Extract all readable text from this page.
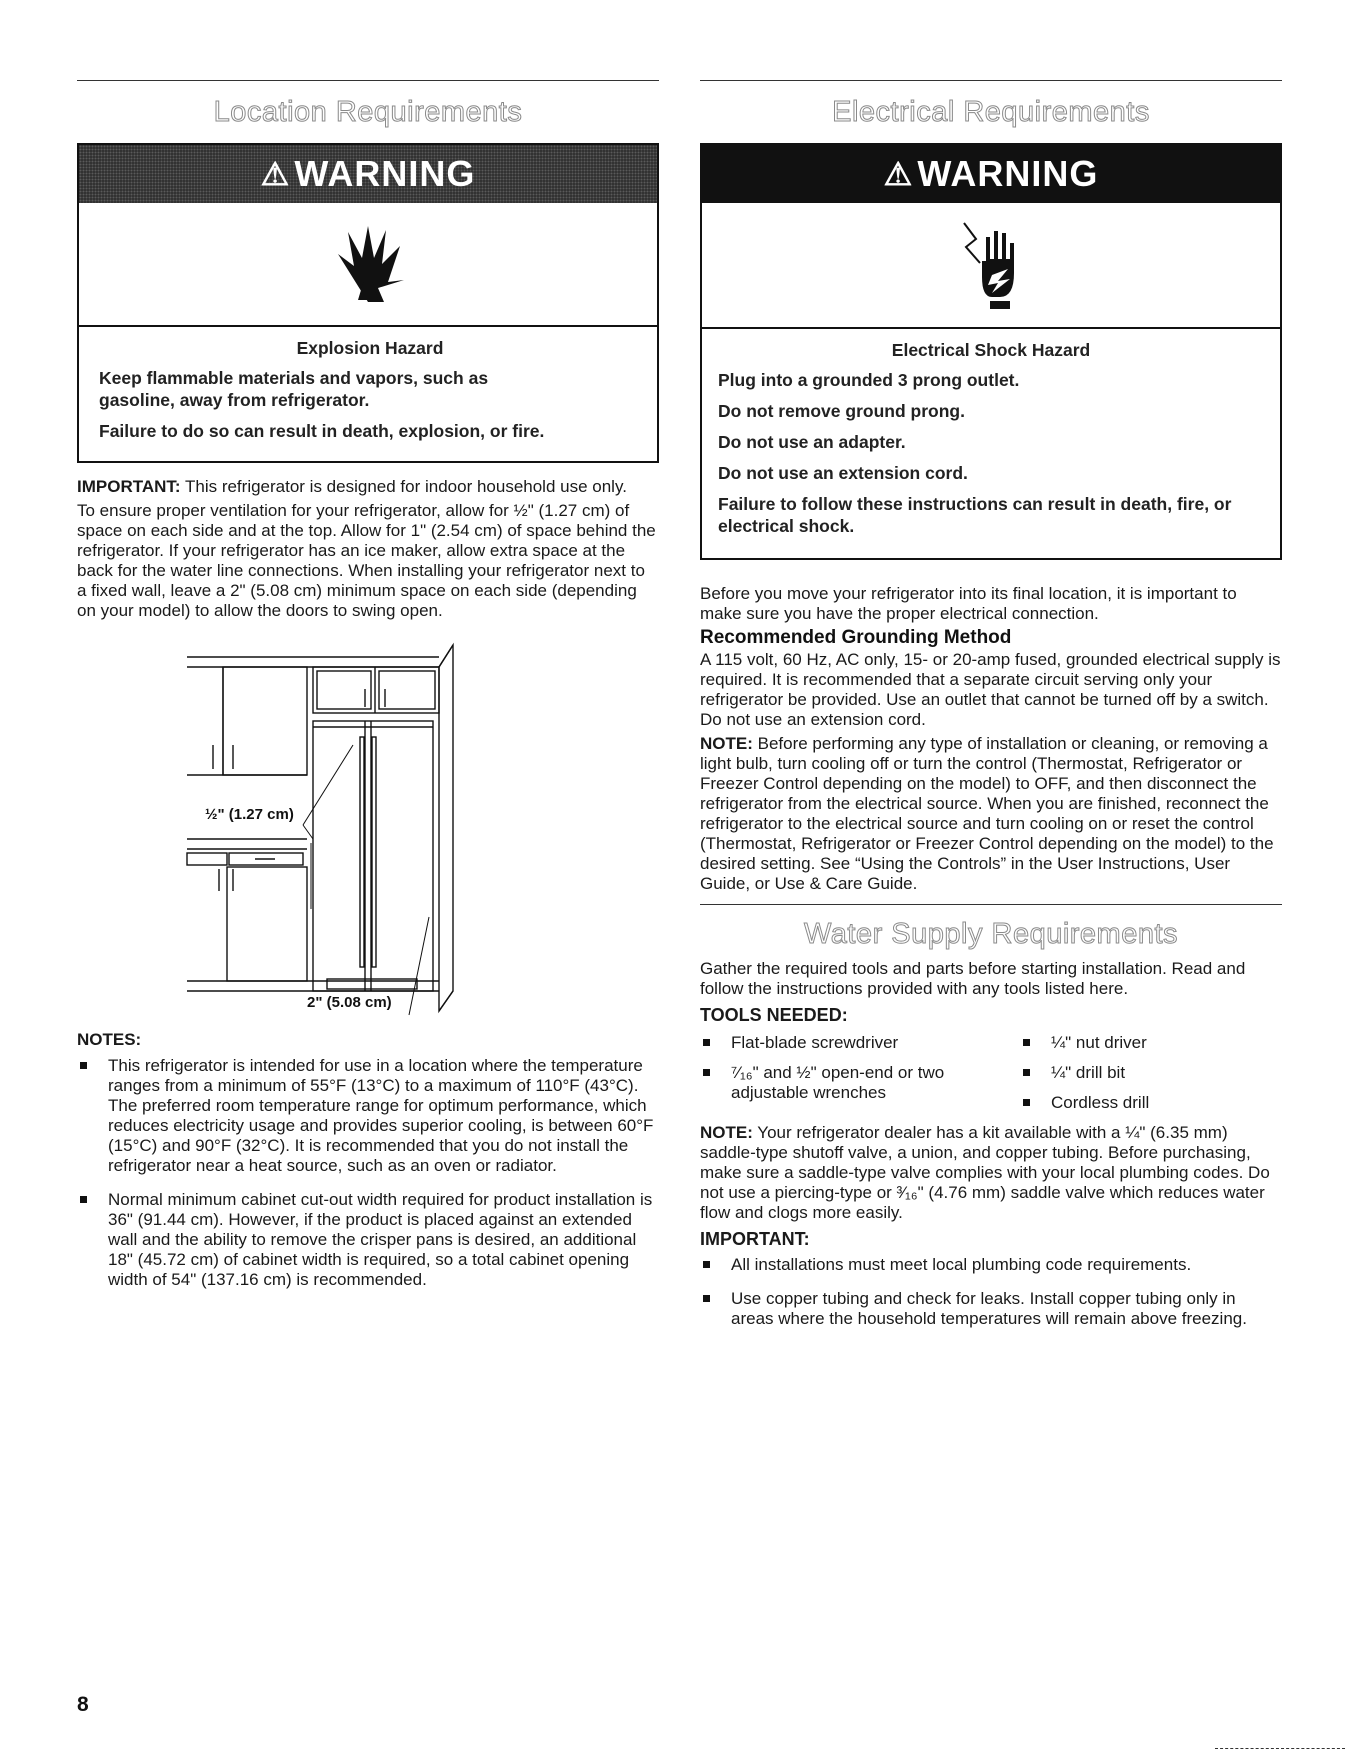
Location Requirements
⚠ WARNING
Explosion Hazard

Keep flammable materials and vapors, such as gasoline, away from refrigerator.

Failure to do so can result in death, explosion, or fire.

IMPORTANT: This refrigerator is designed for indoor household use only.

To ensure proper ventilation for your refrigerator, allow for ½" (1.27 cm) of space on each side and at the top. Allow for 1" (2.54 cm) of space behind the refrigerator. If your refrigerator has an ice maker, allow extra space at the back for the water line connections. When installing your refrigerator next to a fixed wall, leave a 2" (5.08 cm) minimum space on each side (depending on your model) to allow the doors to swing open.

½" (1.27 cm)
2" (5.08 cm)
NOTES:
This refrigerator is intended for use in a location where the temperature ranges from a minimum of 55°F (13°C) to a maximum of 110°F (43°C). The preferred room temperature range for optimum performance, which reduces electricity usage and provides superior cooling, is between 60°F (15°C) and 90°F (32°C). It is recommended that you do not install the refrigerator near a heat source, such as an oven or radiator.
Normal minimum cabinet cut-out width required for product installation is 36" (91.44 cm). However, if the product is placed against an extended wall and the ability to remove the crisper pans is desired, an additional 18" (45.72 cm) of cabinet width is required, so a total cabinet opening width of 54" (137.16 cm) is recommended.
Electrical Requirements
⚠ WARNING
Electrical Shock Hazard

Plug into a grounded 3 prong outlet.

Do not remove ground prong.

Do not use an adapter.

Do not use an extension cord.

Failure to follow these instructions can result in death, fire, or electrical shock.

Before you move your refrigerator into its final location, it is important to make sure you have the proper electrical connection.

Recommended Grounding Method

A 115 volt, 60 Hz, AC only, 15- or 20-amp fused, grounded electrical supply is required. It is recommended that a separate circuit serving only your refrigerator be provided. Use an outlet that cannot be turned off by a switch. Do not use an extension cord.

NOTE: Before performing any type of installation or cleaning, or removing a light bulb, turn cooling off or turn the control (Thermostat, Refrigerator or Freezer Control depending on the model) to OFF, and then disconnect the refrigerator from the electrical source. When you are finished, reconnect the refrigerator to the electrical source and turn cooling on or reset the control (Thermostat, Refrigerator or Freezer Control depending on the model) to the desired setting. See “Using the Controls” in the User Instructions, User Guide, or Use & Care Guide.

Water Supply Requirements

Gather the required tools and parts before starting installation. Read and follow the instructions provided with any tools listed here.

TOOLS NEEDED:
Flat-blade screwdriver
⁷⁄₁₆" and ½" open-end or two adjustable wrenches
¼" nut driver
¼" drill bit
Cordless drill

NOTE: Your refrigerator dealer has a kit available with a ¼" (6.35 mm) saddle-type shutoff valve, a union, and copper tubing. Before purchasing, make sure a saddle-type valve complies with your local plumbing codes. Do not use a piercing-type or ³⁄₁₆" (4.76 mm) saddle valve which reduces water flow and clogs more easily.

IMPORTANT:
All installations must meet local plumbing code requirements.
Use copper tubing and check for leaks. Install copper tubing only in areas where the household temperatures will remain above freezing.
8
